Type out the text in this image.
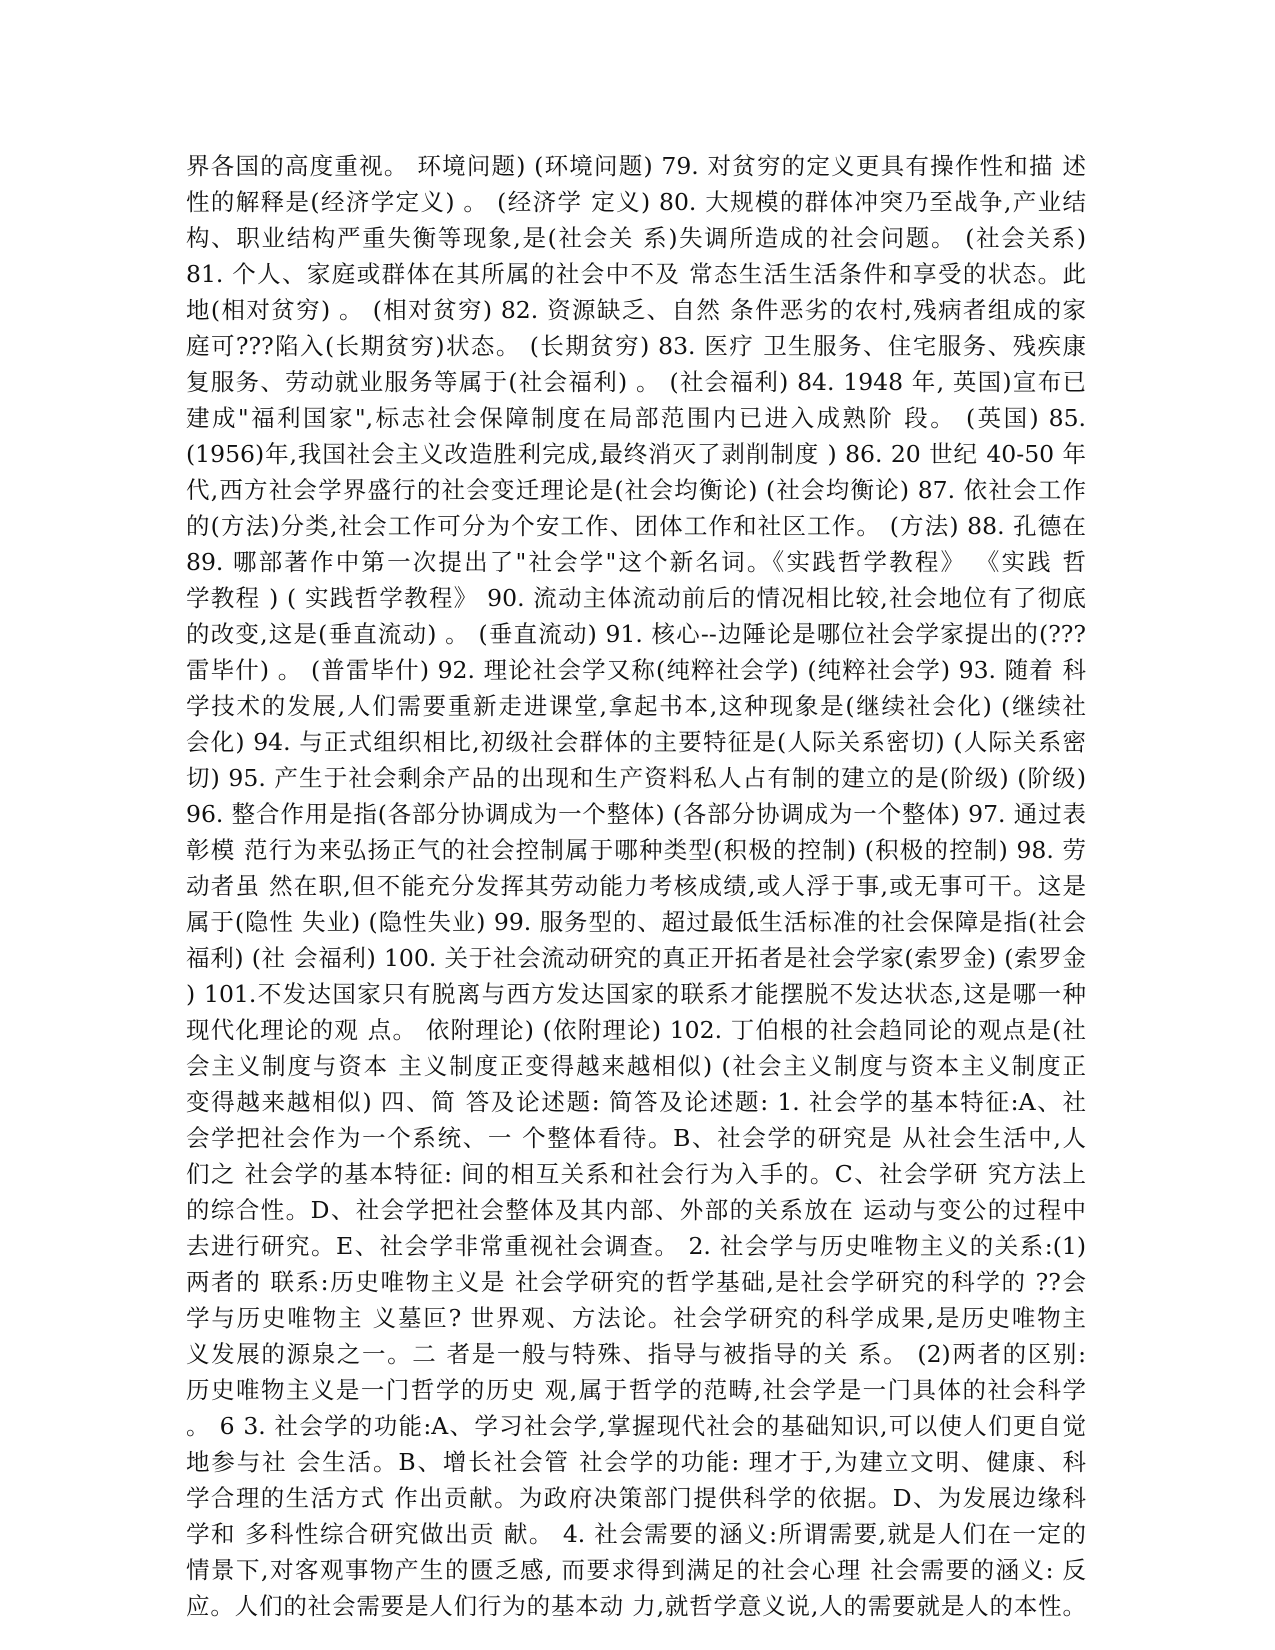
界各国的高度重视。 环境问题) (环境问题) 79. 对贫穷的定义更具有操作性和描 述
性的解释是(经济学定义) 。 (经济学 定义) 80. 大规模的群体冲突乃至战争,产业结
构、职业结构严重失衡等现象,是(社会关 系)失调所造成的社会问题。 (社会关系)
81. 个人、家庭或群体在其所属的社会中不及 常态生活生活条件和享受的状态。此
地(相对贫穷) 。 (相对贫穷) 82. 资源缺乏、自然 条件恶劣的农村,残病者组成的家
庭可???陷入(长期贫穷)状态。 (长期贫穷) 83. 医疗 卫生服务、住宅服务、残疾康
复服务、劳动就业服务等属于(社会福利) 。 (社会福利) 84. 1948 年, 英国)宣布已
建成"福利国家",标志社会保障制度在局部范围内已进入成熟阶 段。 (英国) 85.
(1956)年,我国社会主义改造胜利完成,最终消灭了剥削制度 ) 86. 20 世纪 40-50 年
代,西方社会学界盛行的社会变迁理论是(社会均衡论) (社会均衡论) 87. 依社会工作
的(方法)分类,社会工作可分为个安工作、团体工作和社区工作。 (方法) 88. 孔德在
89. 哪部著作中第一次提出了"社会学"这个新名词。《实践哲学教程》 《实践 哲
学教程 ) ( 实践哲学教程》 90. 流动主体流动前后的情况相比较,社会地位有了彻底
的改变,这是(垂直流动) 。 (垂直流动) 91. 核心--边陲论是哪位社会学家提出的(???
雷毕什) 。 (普雷毕什) 92. 理论社会学又称(纯粹社会学) (纯粹社会学) 93. 随着 科
学技术的发展,人们需要重新走进课堂,拿起书本,这种现象是(继续社会化) (继续社
会化) 94. 与正式组织相比,初级社会群体的主要特征是(人际关系密切) (人际关系密
切) 95. 产生于社会剩余产品的出现和生产资料私人占有制的建立的是(阶级) (阶级)
96. 整合作用是指(各部分协调成为一个整体) (各部分协调成为一个整体) 97. 通过表
彰模 范行为来弘扬正气的社会控制属于哪种类型(积极的控制) (积极的控制) 98. 劳
动者虽 然在职,但不能充分发挥其劳动能力考核成绩,或人浮于事,或无事可干。这是
属于(隐性 失业) (隐性失业) 99. 服务型的、超过最低生活标准的社会保障是指(社会
福利) (社 会福利) 100. 关于社会流动研究的真正开拓者是社会学家(索罗金) (索罗金
) 101.不发达国家只有脱离与西方发达国家的联系才能摆脱不发达状态,这是哪一种
现代化理论的观 点。 依附理论) (依附理论) 102. 丁伯根的社会趋同论的观点是(社
会主义制度与资本 主义制度正变得越来越相似) (社会主义制度与资本主义制度正
变得越来越相似) 四、简 答及论述题: 简答及论述题: 1. 社会学的基本特征:A、社
会学把社会作为一个系统、一 个整体看待。B、社会学的研究是 从社会生活中,人
们之 社会学的基本特征: 间的相互关系和社会行为入手的。C、社会学研 究方法上
的综合性。D、社会学把社会整体及其内部、外部的关系放在 运动与变公的过程中
去进行研究。E、社会学非常重视社会调查。 2. 社会学与历史唯物主义的关系:(1)
两者的 联系:历史唯物主义是 社会学研究的哲学基础,是社会学研究的科学的 ??会
学与历史唯物主 义墓叵? 世界观、方法论。社会学研究的科学成果,是历史唯物主
义发展的源泉之一。二 者是一般与特殊、指导与被指导的关 系。 (2)两者的区别:
历史唯物主义是一门哲学的历史 观,属于哲学的范畴,社会学是一门具体的社会科学
。 6 3. 社会学的功能:A、学习社会学,掌握现代社会的基础知识,可以使人们更自觉
地参与社 会生活。B、增长社会管 社会学的功能: 理才于,为建立文明、健康、科
学合理的生活方式 作出贡献。为政府决策部门提供科学的依据。D、为发展边缘科
学和 多科性综合研究做出贡 献。 4. 社会需要的涵义:所谓需要,就是人们在一定的
情景下,对客观事物产生的匮乏感, 而要求得到满足的社会心理 社会需要的涵义: 反
应。人们的社会需要是人们行为的基本动 力,就哲学意义说,人的需要就是人的本性。
